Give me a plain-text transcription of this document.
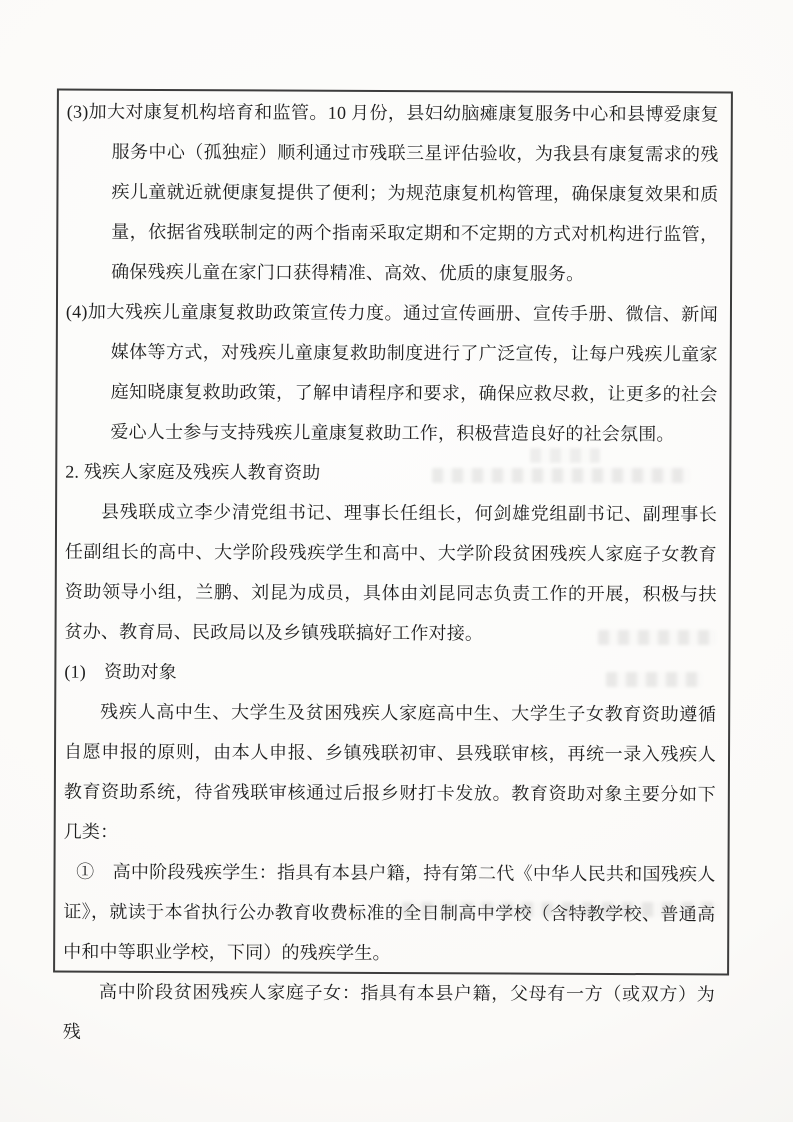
(3)加大对康复机构培育和监管。10 月份，县妇幼脑瘫康复服务中心和县博爱康复服务中心（孤独症）顺利通过市残联三星评估验收，为我县有康复需求的残疾儿童就近就便康复提供了便利；为规范康复机构管理，确保康复效果和质量，依据省残联制定的两个指南采取定期和不定期的方式对机构进行监管，确保残疾儿童在家门口获得精准、高效、优质的康复服务。

(4)加大残疾儿童康复救助政策宣传力度。通过宣传画册、宣传手册、微信、新闻媒体等方式，对残疾儿童康复救助制度进行了广泛宣传，让每户残疾儿童家庭知晓康复救助政策，了解申请程序和要求，确保应救尽救，让更多的社会爱心人士参与支持残疾儿童康复救助工作，积极营造良好的社会氛围。

2. 残疾人家庭及残疾人教育资助

县残联成立李少清党组书记、理事长任组长，何剑雄党组副书记、副理事长任副组长的高中、大学阶段残疾学生和高中、大学阶段贫困残疾人家庭子女教育资助领导小组，兰鹏、刘昆为成员，具体由刘昆同志负责工作的开展，积极与扶贫办、教育局、民政局以及乡镇残联搞好工作对接。

(1)　资助对象

残疾人高中生、大学生及贫困残疾人家庭高中生、大学生子女教育资助遵循自愿申报的原则，由本人申报、乡镇残联初审、县残联审核，再统一录入残疾人教育资助系统，待省残联审核通过后报乡财打卡发放。教育资助对象主要分如下几类：

①　高中阶段残疾学生：指具有本县户籍，持有第二代《中华人民共和国残疾人证》，就读于本省执行公办教育收费标准的全日制高中学校（含特教学校、普通高中和中等职业学校，下同）的残疾学生。

高中阶段贫困残疾人家庭子女：指具有本县户籍，父母有一方（或双方）为残
